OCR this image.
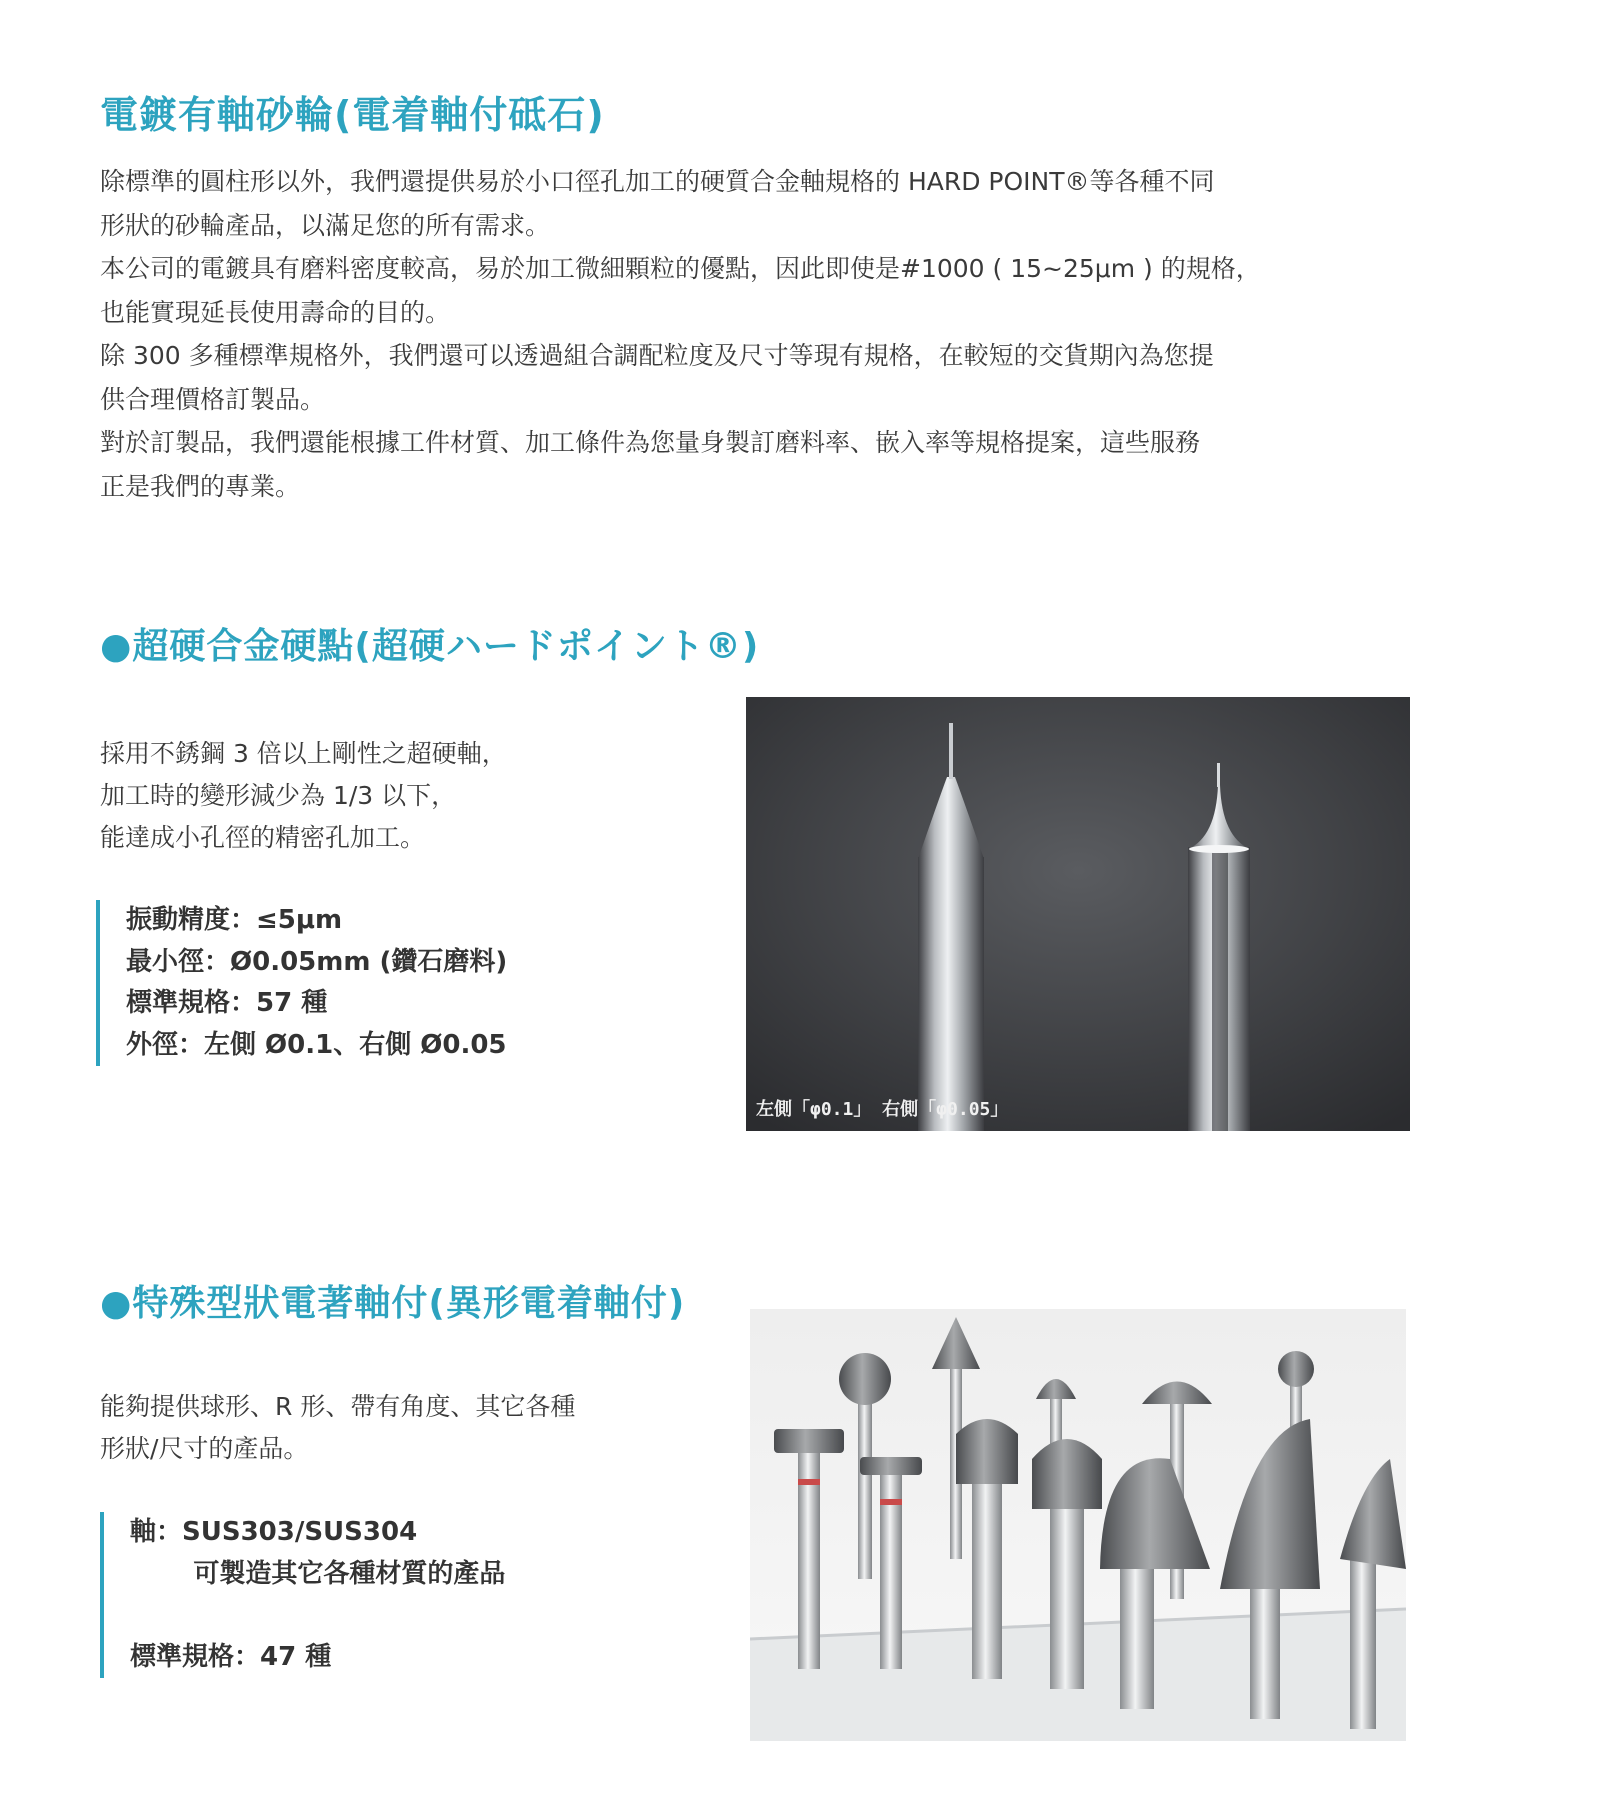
電鍍有軸砂輪(電着軸付砥石)

除標準的圓柱形以外，我們還提供易於小口徑孔加工的硬質合金軸規格的 HARD POINT®等各種不同

形狀的砂輪產品，以滿足您的所有需求。

本公司的電鍍具有磨料密度較高，易於加工微細顆粒的優點，因此即使是#1000 ( 15~25μm ) 的規格，

也能實現延長使用壽命的目的。

除 300 多種標準規格外，我們還可以透過組合調配粒度及尺寸等現有規格，在較短的交貨期內為您提

供合理價格訂製品。

對於訂製品，我們還能根據工件材質、加工條件為您量身製訂磨料率、嵌入率等規格提案，這些服務

正是我們的專業。

●超硬合金硬點(超硬ハードポイント®)

採用不銹鋼 3 倍以上剛性之超硬軸，

加工時的變形減少為 1/3 以下，

能達成小孔徑的精密孔加工。

振動精度：≤5μm

最小徑：Ø0.05mm (鑽石磨料)

標準規格：57 種

外徑：左側 Ø0.1、右側 Ø0.05

左側「φ0.1」 右側「φ0.05」
●特殊型狀電著軸付(異形電着軸付)

能夠提供球形、R 形、帶有角度、其它各種

形狀/尺寸的產品。

軸：SUS303/SUS304

可製造其它各種材質的產品

標準規格：47 種
